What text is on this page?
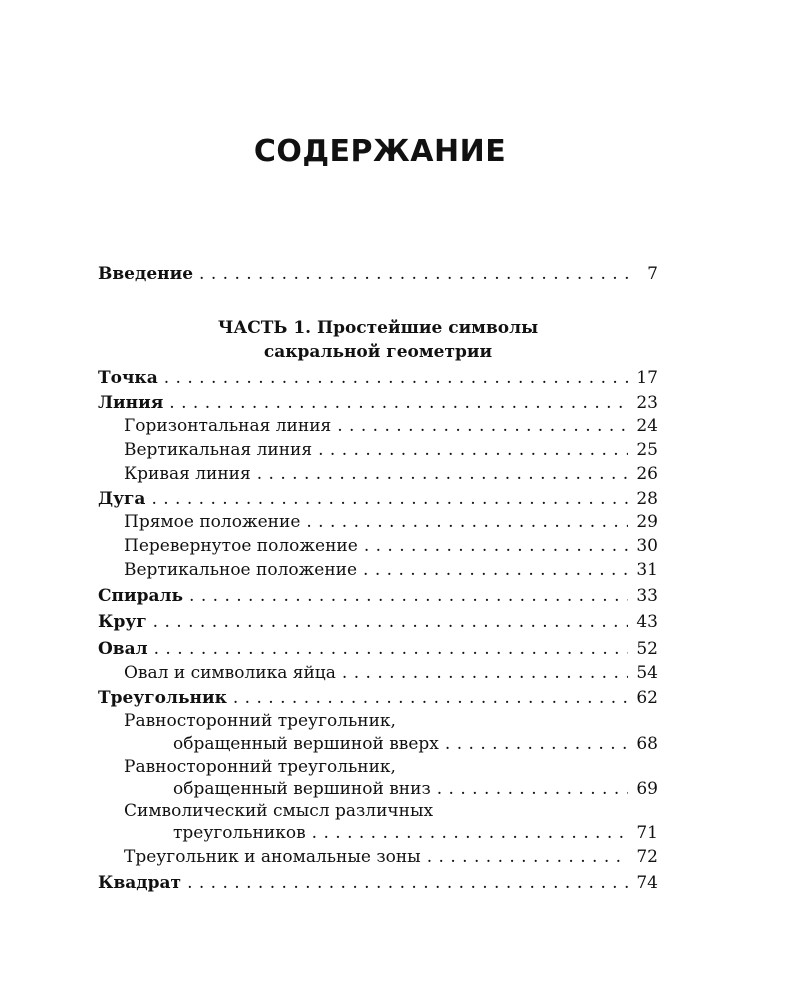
СОДЕРЖАНИЕ
Введение . . .	7
ЧАСТЬ 1. Простейшие символы
сакральной геометрии
Точка . . .	17
Линия . . .	23
Горизонтальная линия . . .	24
Вертикальная линия . . .	25
Кривая линия . . .	26
Дуга . . .	28
Прямое положение . . .	29
Перевернутое положение . . .	30
Вертикальное положение . . .	31
Спираль . . .	33
Круг . . .	43
Овал . . .	52
Овал и символика яйца . . .	54
Треугольник . . .	62
Равносторонний треугольник,
обращенный вершиной вверх . . .	68
Равносторонний треугольник,
обращенный вершиной вниз . . .	69
Символический смысл различных
треугольников . . .	71
Треугольник и аномальные зоны . . .	72
Квадрат . . .	74
